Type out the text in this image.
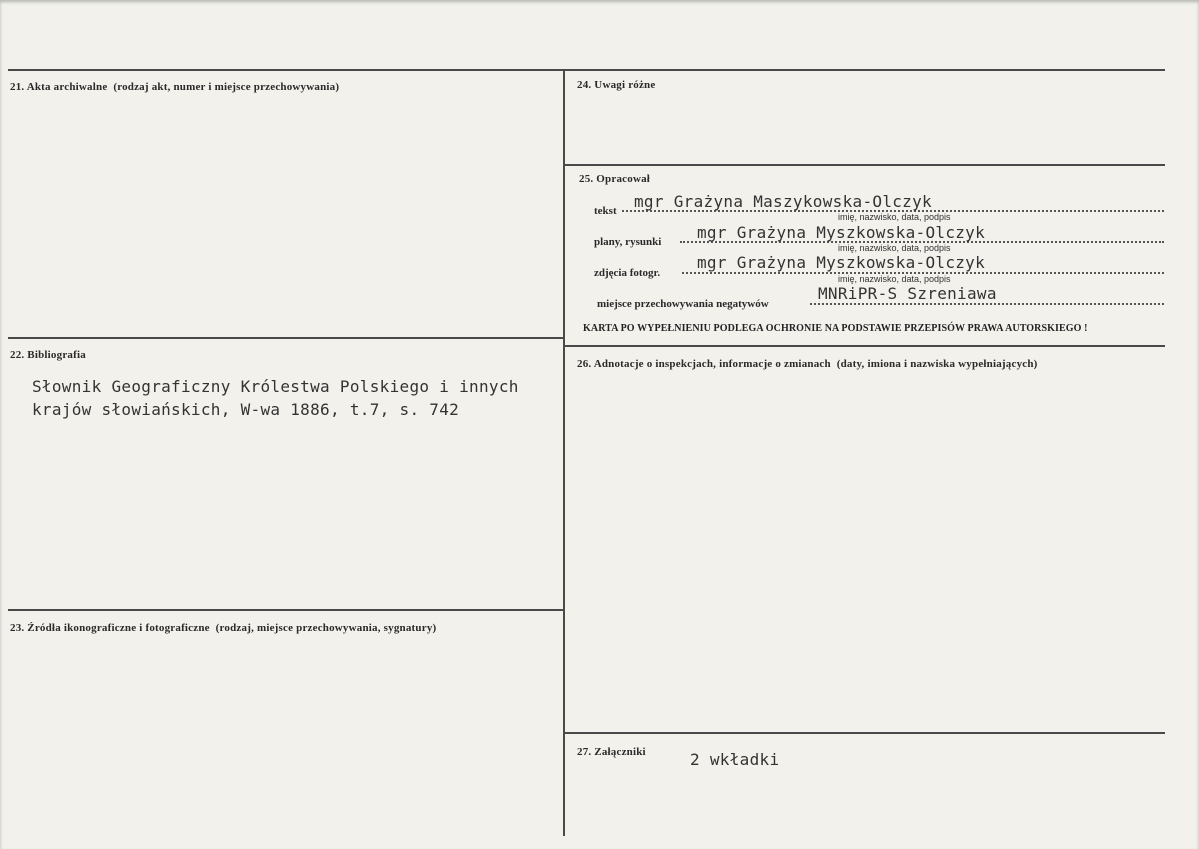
21. Akta archiwalne (rodzaj akt, numer i miejsce przechowywania)
22. Bibliografia
Słownik Geograficzny Królestwa Polskiego i innych
krajów słowiańskich, W-wa 1886, t.7, s. 742
23. Źródła ikonograficzne i fotograficzne (rodzaj, miejsce przechowywania, sygnatury)
24. Uwagi różne
25. Opracował
tekst mgr Grażyna Maszykowska-Olczyk
imię, nazwisko, data, podpis
plany, rysunki mgr Grażyna Myszkowska-Olczyk
imię, nazwisko, data, podpis
zdjęcia fotogr.
mgr Grażyna Myszkowska-Olczyk
imię, nazwisko, data, podpis
miejsce przechowywania negatywów
MNRiPR-S Szreniawa
KARTA PO WYPEŁNIENIU PODLEGA OCHRONIE NA PODSTAWIE PRZEPISÓW PRAWA AUTORSKIEGO !
26. Adnotacje o inspekcjach, informacje o zmianach (daty, imiona i nazwiska wypełniających)
27. Załączniki	2 wkładki
